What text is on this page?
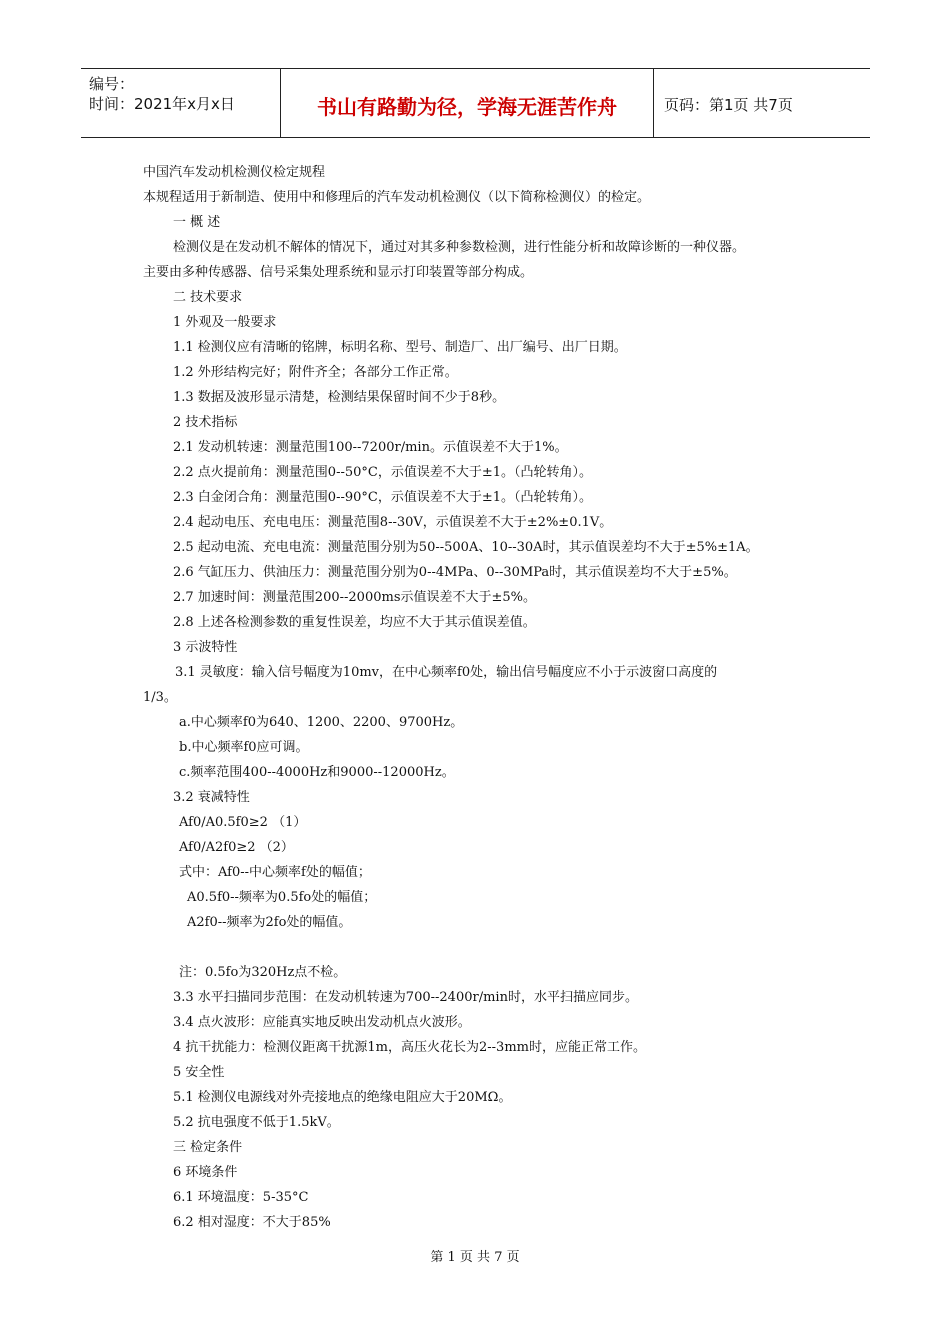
编号：
时间：2021年x月x日	书山有路勤为径，学海无涯苦作舟	页码：第1页 共7页
中国汽车发动机检测仪检定规程
本规程适用于新制造、使用中和修理后的汽车发动机检测仪（以下简称检测仪）的检定。
一 概 述
检测仪是在发动机不解体的情况下，通过对其多种参数检测，进行性能分析和故障诊断的一种仪器。
主要由多种传感器、信号采集处理系统和显示打印装置等部分构成。
二 技术要求
1 外观及一般要求
1.1 检测仪应有清晰的铭牌，标明名称、型号、制造厂、出厂编号、出厂日期。
1.2 外形结构完好；附件齐全；各部分工作正常。
1.3 数据及波形显示清楚，检测结果保留时间不少于8秒。
2 技术指标
2.1 发动机转速：测量范围100--7200r/min。示值误差不大于1%。
2.2 点火提前角：测量范围0--50°C，示值误差不大于±1。（凸轮转角）。
2.3 白金闭合角：测量范围0--90°C，示值误差不大于±1。（凸轮转角）。
2.4 起动电压、充电电压：测量范围8--30V，示值误差不大于±2%±0.1V。
2.5 起动电流、充电电流：测量范围分别为50--500A、10--30A时，其示值误差均不大于±5%±1A。
2.6 气缸压力、供油压力：测量范围分别为0--4MPa、0--30MPa时，其示值误差均不大于±5%。
2.7 加速时间：测量范围200--2000ms示值误差不大于±5%。
2.8 上述各检测参数的重复性误差，均应不大于其示值误差值。
3 示波特性
3.1 灵敏度：输入信号幅度为10mv，在中心频率f0处，输出信号幅度应不小于示波窗口高度的
1/3。
a.中心频率f0为640、1200、2200、9700Hz。
b.中心频率f0应可调。
c.频率范围400--4000Hz和9000--12000Hz。
3.2 衰减特性
Af0/A0.5f0≥2 （1）
Af0/A2f0≥2 （2）
式中：Af0--中心频率f处的幅值；
A0.5f0--频率为0.5fo处的幅值；
A2f0--频率为2fo处的幅值。
注：0.5fo为320Hz点不检。
3.3 水平扫描同步范围：在发动机转速为700--2400r/min时，水平扫描应同步。
3.4 点火波形：应能真实地反映出发动机点火波形。
4 抗干扰能力：检测仪距离干扰源1m，高压火花长为2--3mm时，应能正常工作。
5 安全性
5.1 检测仪电源线对外壳接地点的绝缘电阻应大于20MΩ。
5.2 抗电强度不低于1.5kV。
三 检定条件
6 环境条件
6.1 环境温度：5-35°C
6.2 相对湿度：不大于85%
第 1 页 共 7 页
